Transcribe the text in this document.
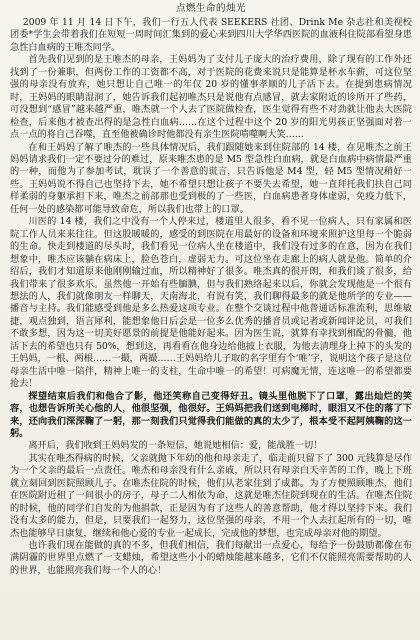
点燃生命的烛光

2009 年 11 月 14 日下午，我们一行五人代表 SEEKERS 社团、Drink Me 杂志社和美视校团委*学生会带着我们在短短一周时间汇集到的爱心来到四川大学华西医院的血液科住院部看望身患急性白血病的王唯杰同学。

首先我们见到的是王唯杰的母亲，王妈妈为了支付儿子庞大的治疗费用，除了现有的工作外还找到了一份兼职，但两份工作的工资都不高，对于医院的花费来说只是能算是杯水车薪，可这位坚强的母亲没有放弃，她只想让自己唯一的年仅 20 岁的懂事孝顺的儿子活下去。在提到患病情况时，王妈妈的眼睛湿润了，她告诉我们起初唯杰只是说他有点感冒，就去家附近的诊所开了些药，可没想到“感冒”越来越严重，唯杰就一个人去了医院做检查，医生觉得有些不对劲就让他去大医院检查，后来他才被查出得的是急性白血病……在这个过程中这个 20 岁的阳光男孩正坚强面对着一点一点的将自己吞噬，直至他被确诊时他都没有亲生医院啃噬啊大笑……

在和王妈妈了解了唯杰的一些具体情况后，我们跟随她来到住院部的 14 楼，在见唯杰之前王妈妈请求我们一定不要过分的难过，原来唯杰患的是 M5 型急性白血病，就是白血病中病情最严重的一种，而他为了参加考试，耽误了一个善意的谎言，只告诉他是 M4 型，轻 M5 型情况稍好一些。王妈妈说不得自己也坚持下去，她不希望只想让孩子不要失去希望，她一直拜托我们扶自己同样柔弱的身躯承担下来，唯杰之前部那也受到极的了一些医，白血病患者身体虚弱，免疫力低下，任何一处的感染都可能导致命危，所以我们也带上的口罩。

川医的 14 楼，我们之中没有一个人停来过，楼道里人很多，看不见一位病人，只有家属和医院工作人员来来往往。但这股暖暖的，感受的到医院在用最好的设备和环境来照护这里每一个脆弱的生命。快走到楼道的尽头时，我们看见一位病人坐在楼道中，我们没有过多的在意，因为在我们想象中，唯杰应该躺在病床上，脸色苍白，虚弱无力。可这位坐在走廊上的病人就是他。简单的介绍后，我们才知道原来他刚刚输过血，所以精神好了很多。唯杰真的很开朗，和我们谈了很多，给我们带来了很多欢乐。虽然他一开始有些腼腆，但与我们熟络起来以后，你就会发现他是一个很有想法的人，我们就像朋友一样聊天，天南海北，有说有笑，我们聊得最多的就是他所学的专业——播音与主持。我们能感受到他是多么热爱这项专业。在整个交谈过程中他普通话标准流利，思维敏捷，观点独到，语言犀利，能想象他日后会是一位多么优秀的播音员或记者或新闻评论员，可我们不敢多想，因为这一切美好愿景的前提是他能好起来。因为医生说，就算有幸找到相配的骨髓，他活下去的希望也只有 50%，想到这，再看看在他身边给他披上衣服，为他去清理身上掉下的头发的王妈妈，一根、两根……一撮，两撮……王妈妈给儿子取的名字里有个‘唯’字，说明这个孩子是这位母亲生活中唯一陪伴，精神上唯一的支柱，生命中唯一的希望！可病魔无情，连这唯一的希望都要抢去！

探望结束后我们和他合了影，他还笑称自己变得好丑。镜头里他脱下了口罩，露出灿烂的笑容，也想告诉所关心他的人，他很坚强，他很好。王妈妈把我们送到电梯时，眼泪又不住的落了下来，还向我们深深鞠了一躬，那一刻我们只觉得我们能做的真的太少了，根本受不起阿姨鞠的这一躬。

离开后，我们收到王妈妈发的一条短信，她说她相信：爱，能战胜一切！

其实在唯杰得病的时候，父亲就抛下年幼的他和母亲走了，临走前只留下了 300 元钱算是尽作为一个父亲的最后一点责任。唯杰和母亲没有什么亲戚，所以只有母亲白天辛苦的工作，晚上下班就立刻回到医院照顾儿子。在唯杰住院的时候，他们从老家住到了成都。为了方便照顾唯杰，他们在医院附近租了一间很小的房子，母子二人相依为命，这就是唯杰住院到现在的生活。在唯杰住院的时候，他的同学们自发的为他捐款，正是因为有了这些人的善意帮助，他才得以坚持下来。我们没有太多的能力，但是，只要我们一起努力，这位坚强的母亲，不用一个人去扛起所有的一切，唯杰也能够早日康复，继续和他心爱的专业一起成长，完成他的梦想，也完成母亲对他的期望。

也许我们现在能做的真的不多，但我们相信，我们每献出一点爱心，每给予一份鼓励都像在布满阴霾的世界里点燃了一支蜡烛，希望这些小小的蜡烛能越来越多，它们不仅能照亮需要帮助的人的世界，也能照亮我们每一个人的心！
